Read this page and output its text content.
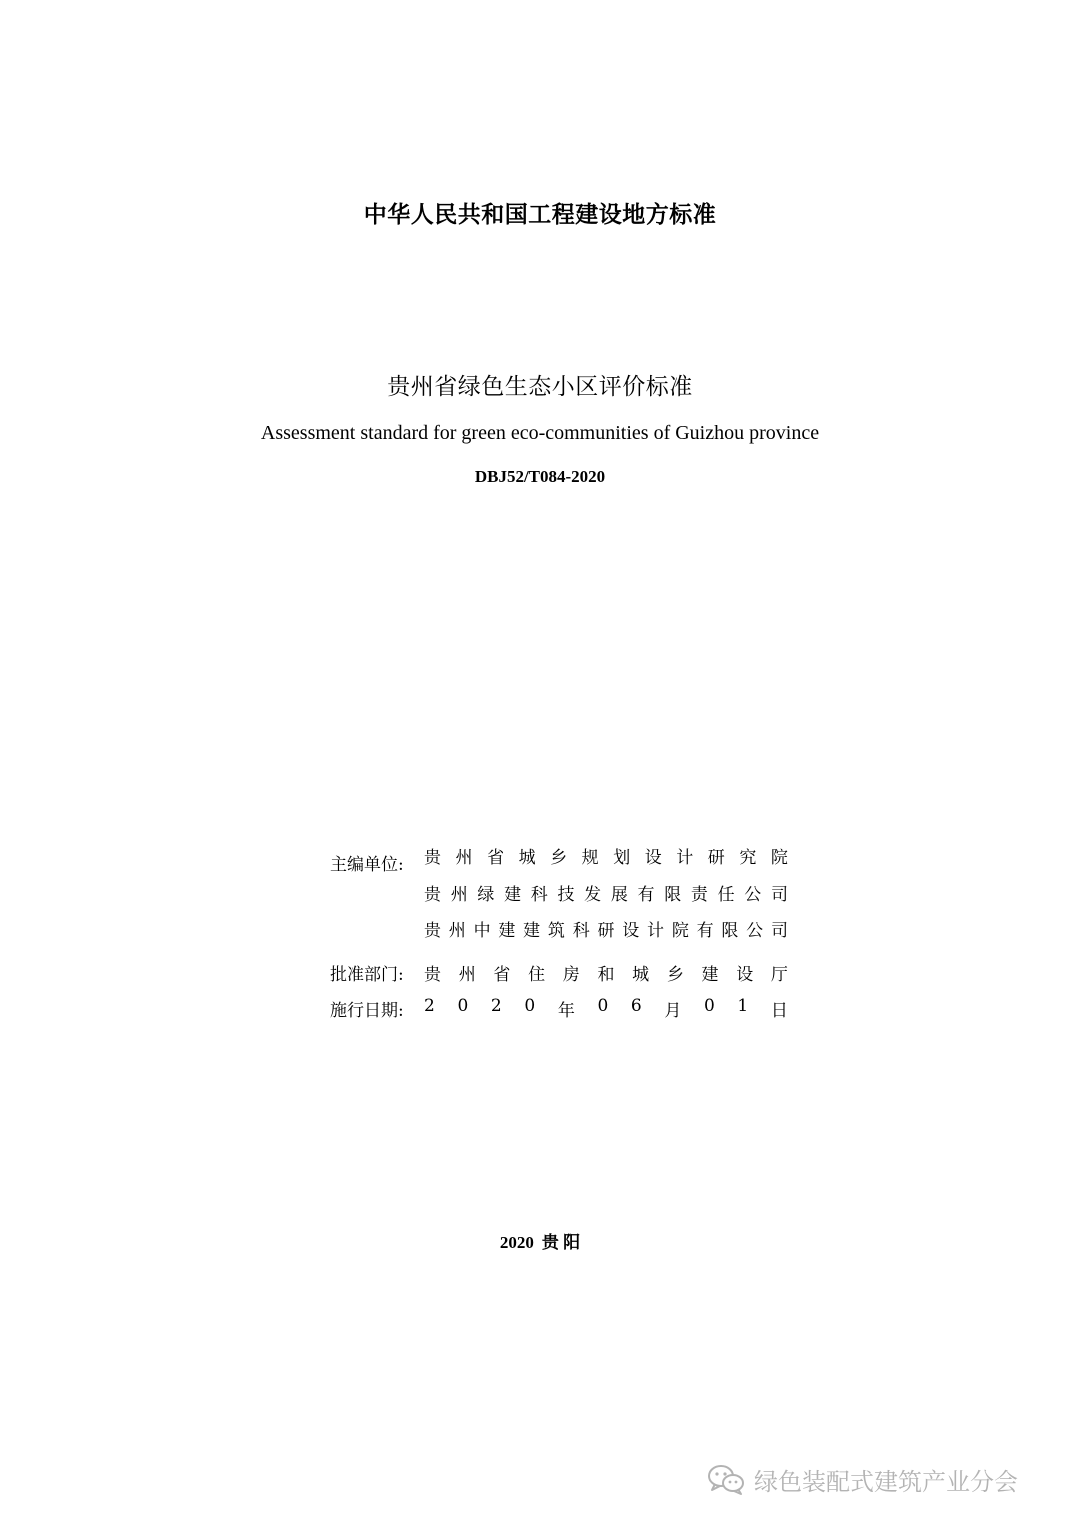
中华人民共和国工程建设地方标准
贵州省绿色生态小区评价标准
Assessment standard for green eco-communities of Guizhou province
DBJ52/T084-2020
主编单位:	贵 州 省 城 乡 规 划 设 计 研 究 院
贵 州 绿 建 科 技 发 展 有 限 责 任 公 司
贵 州 中 建 建 筑 科 研 设 计 院 有 限 公 司
批准部门:	贵 州 省 住 房 和 城 乡 建 设 厅
施行日期:	2 0 2 0 年 0 6 月 0 1 日
2020 贵 阳
绿色装配式建筑产业分会
